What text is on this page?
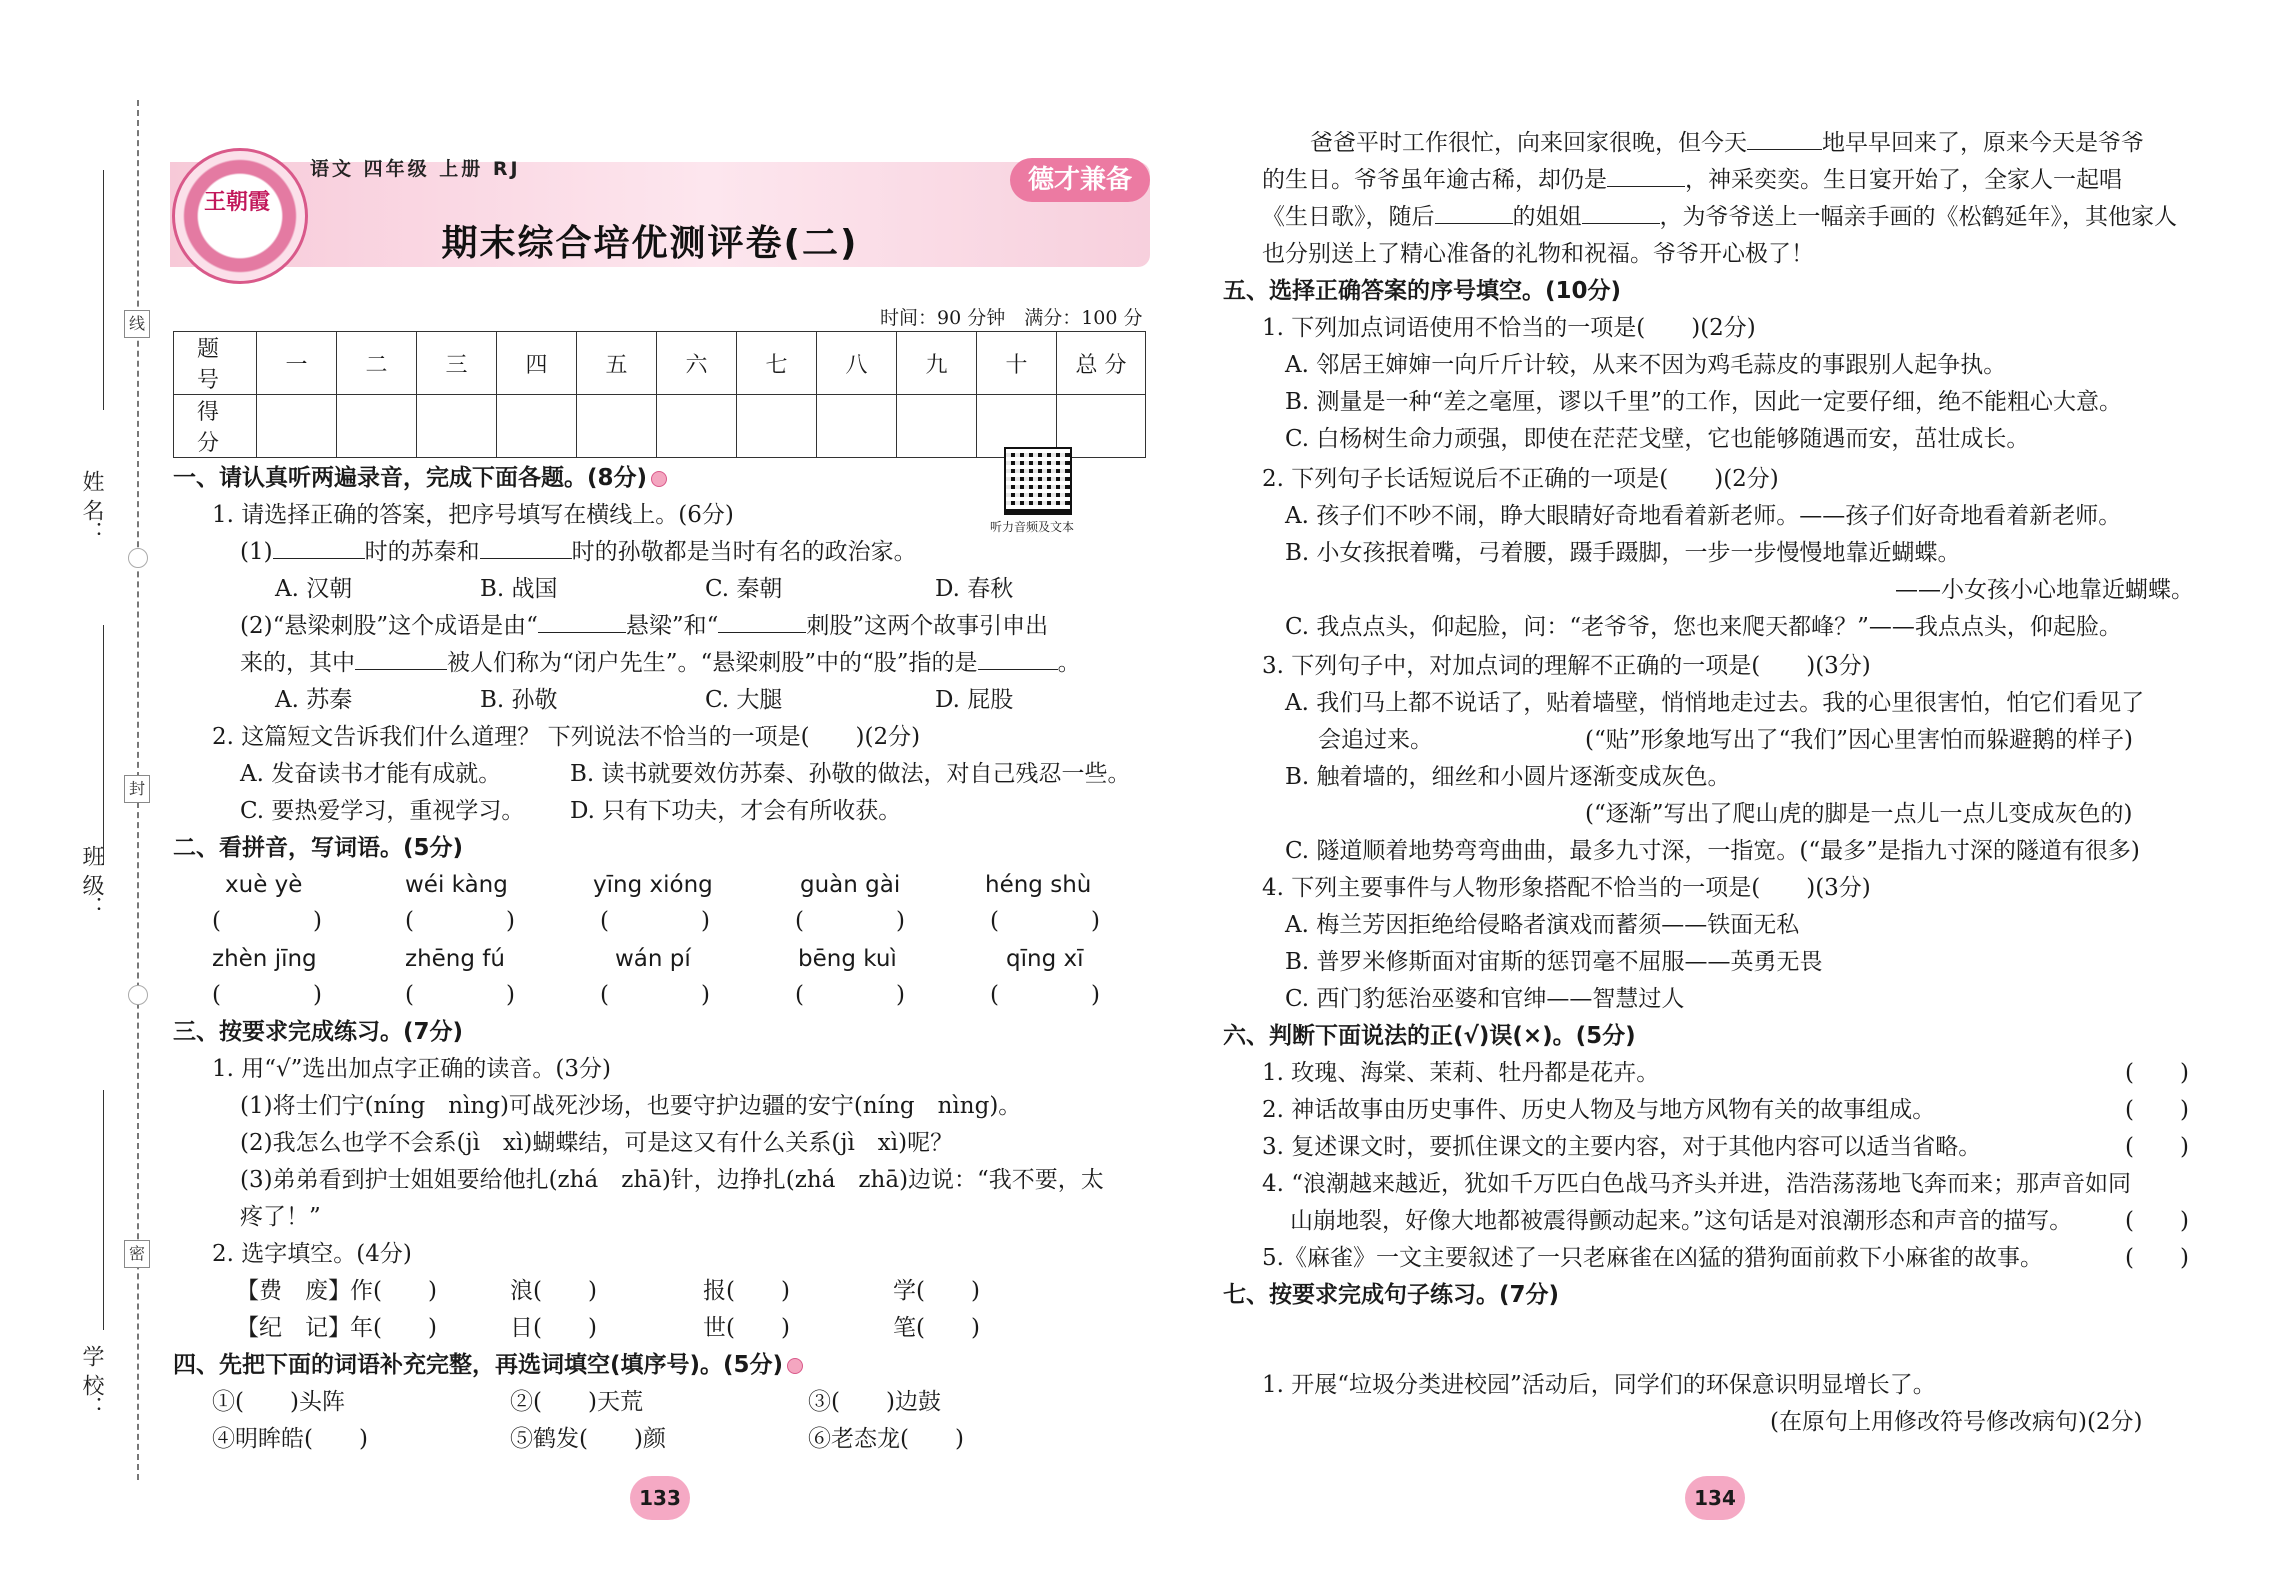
姓 名：
线
班 级：
封
学 校：
密
王朝霞
语文 四年级 上册 RJ	德才兼备
期末综合培优测评卷(二)
时间：90 分钟　满分：100 分
题 号	一	二	三	四	五	六	七	八	九	十	总 分
得 分											
听力音频及文本
一、请认真听两遍录音，完成下面各题。(8分)
1. 请选择正确的答案，把序号填写在横线上。(6分)
(1)	时的苏秦和	时的孙敬都是当时有名的政治家。
A. 汉朝	B. 战国	C. 秦朝	D. 春秋
(2)“悬梁刺股”这个成语是由“	悬梁”和“	刺股”这两个故事引申出
来的，其中	被人们称为“闭户先生”。“悬梁刺股”中的“股”指的是	。
A. 苏秦	B. 孙敬	C. 大腿	D. 屁股
2. 这篇短文告诉我们什么道理？ 下列说法不恰当的一项是(　　)(2分)
A. 发奋读书才能有成就。	B. 读书就要效仿苏秦、孙敬的做法，对自己残忍一些。
C. 要热爱学习，重视学习。 D. 只有下功夫，才会有所收获。
二、看拼音，写词语。(5分)
xuè yè	wéi kàng	yīng xióng	guàn gài	héng shù
(　　　　)	(　　　　)	(　　　　)	(　　　　)	(　　　　)
zhèn jīng	zhēng fú	wán pí	bēng kuì	qīng xī
(　　　　)	(　　　　)	(　　　　)	(　　　　)	(　　　　)
三、按要求完成练习。(7分)
1. 用“√”选出加点字正确的读音。(3分)
(1)将士们宁(níng　nìng)可战死沙场，也要守护边疆的安宁(níng　nìng)。
(2)我怎么也学不会系(jì　xì)蝴蝶结，可是这又有什么关系(jì　xì)呢？
(3)弟弟看到护士姐姐要给他扎(zhá　zhā)针，边挣扎(zhá　zhā)边说：“我不要，太
疼了！”
2. 选字填空。(4分)
【费　废】 作(　　)	浪(　　)	报(　　)	学(　　)
【纪　记】 年(　　)	日(　　)	世(　　)	笔(　　)
四、先把下面的词语补充完整，再选词填空(填序号)。(5分)
①(　　)头阵	②(　　)天荒	③(　　)边鼓
④明眸皓(　　)	⑤鹤发(　　)颜	⑥老态龙(　　)
133
爸爸平时工作很忙，向来回家很晚，但今天	地早早回来了，原来今天是爷爷
的生日。爷爷虽年逾古稀，却仍是	，神采奕奕。生日宴开始了，全家人一起唱
《生日歌》，随后	的姐姐	，为爷爷送上一幅亲手画的《松鹤延年》，其他家人
也分别送上了精心准备的礼物和祝福。爷爷开心极了！
五、选择正确答案的序号填空。(10分)
1. 下列加点词语使用不恰当的一项是(　　)(2分)
A. 邻居王婶婶一向斤斤计较，从来不因为鸡毛蒜皮的事跟别人起争执。
B. 测量是一种“差之毫厘，谬以千里”的工作，因此一定要仔细，绝不能粗心大意。
C. 白杨树生命力顽强，即使在茫茫戈壁，它也能够随遇而安，茁壮成长。
2. 下列句子长话短说后不正确的一项是(　　)(2分)
A. 孩子们不吵不闹，睁大眼睛好奇地看着新老师。——孩子们好奇地看着新老师。
B. 小女孩抿着嘴，弓着腰，蹑手蹑脚，一步一步慢慢地靠近蝴蝶。
——小女孩小心地靠近蝴蝶。
C. 我点点头，仰起脸，问：“老爷爷，您也来爬天都峰？”——我点点头，仰起脸。
3. 下列句子中，对加点词的理解不正确的一项是(　　)(3分)
A. 我们马上都不说话了，贴着墙壁，悄悄地走过去。我的心里很害怕，怕它们看见了
会追过来。	(“贴”形象地写出了“我们”因心里害怕而躲避鹅的样子)
B. 触着墙的，细丝和小圆片逐渐变成灰色。
(“逐渐”写出了爬山虎的脚是一点儿一点儿变成灰色的)
C. 隧道顺着地势弯弯曲曲，最多九寸深，一指宽。(“最多”是指九寸深的隧道有很多)
4. 下列主要事件与人物形象搭配不恰当的一项是(　　)(3分)
A. 梅兰芳因拒绝给侵略者演戏而蓄须——铁面无私
B. 普罗米修斯面对宙斯的惩罚毫不屈服——英勇无畏
C. 西门豹惩治巫婆和官绅——智慧过人
六、判断下面说法的正(√)误(×)。(5分)
1. 玫瑰、海棠、茉莉、牡丹都是花卉。	(　　)
2. 神话故事由历史事件、历史人物及与地方风物有关的故事组成。	(　　)
3. 复述课文时，要抓住课文的主要内容，对于其他内容可以适当省略。	(　　)
4. “浪潮越来越近，犹如千万匹白色战马齐头并进，浩浩荡荡地飞奔而来；那声音如同
山崩地裂，好像大地都被震得颤动起来。”这句话是对浪潮形态和声音的描写。 (　　)
5.《麻雀》一文主要叙述了一只老麻雀在凶猛的猎狗面前救下小麻雀的故事。	(　　)
七、按要求完成句子练习。(7分)
1. 开展“垃圾分类进校园”活动后，同学们的环保意识明显增长了。
(在原句上用修改符号修改病句)(2分)
134
